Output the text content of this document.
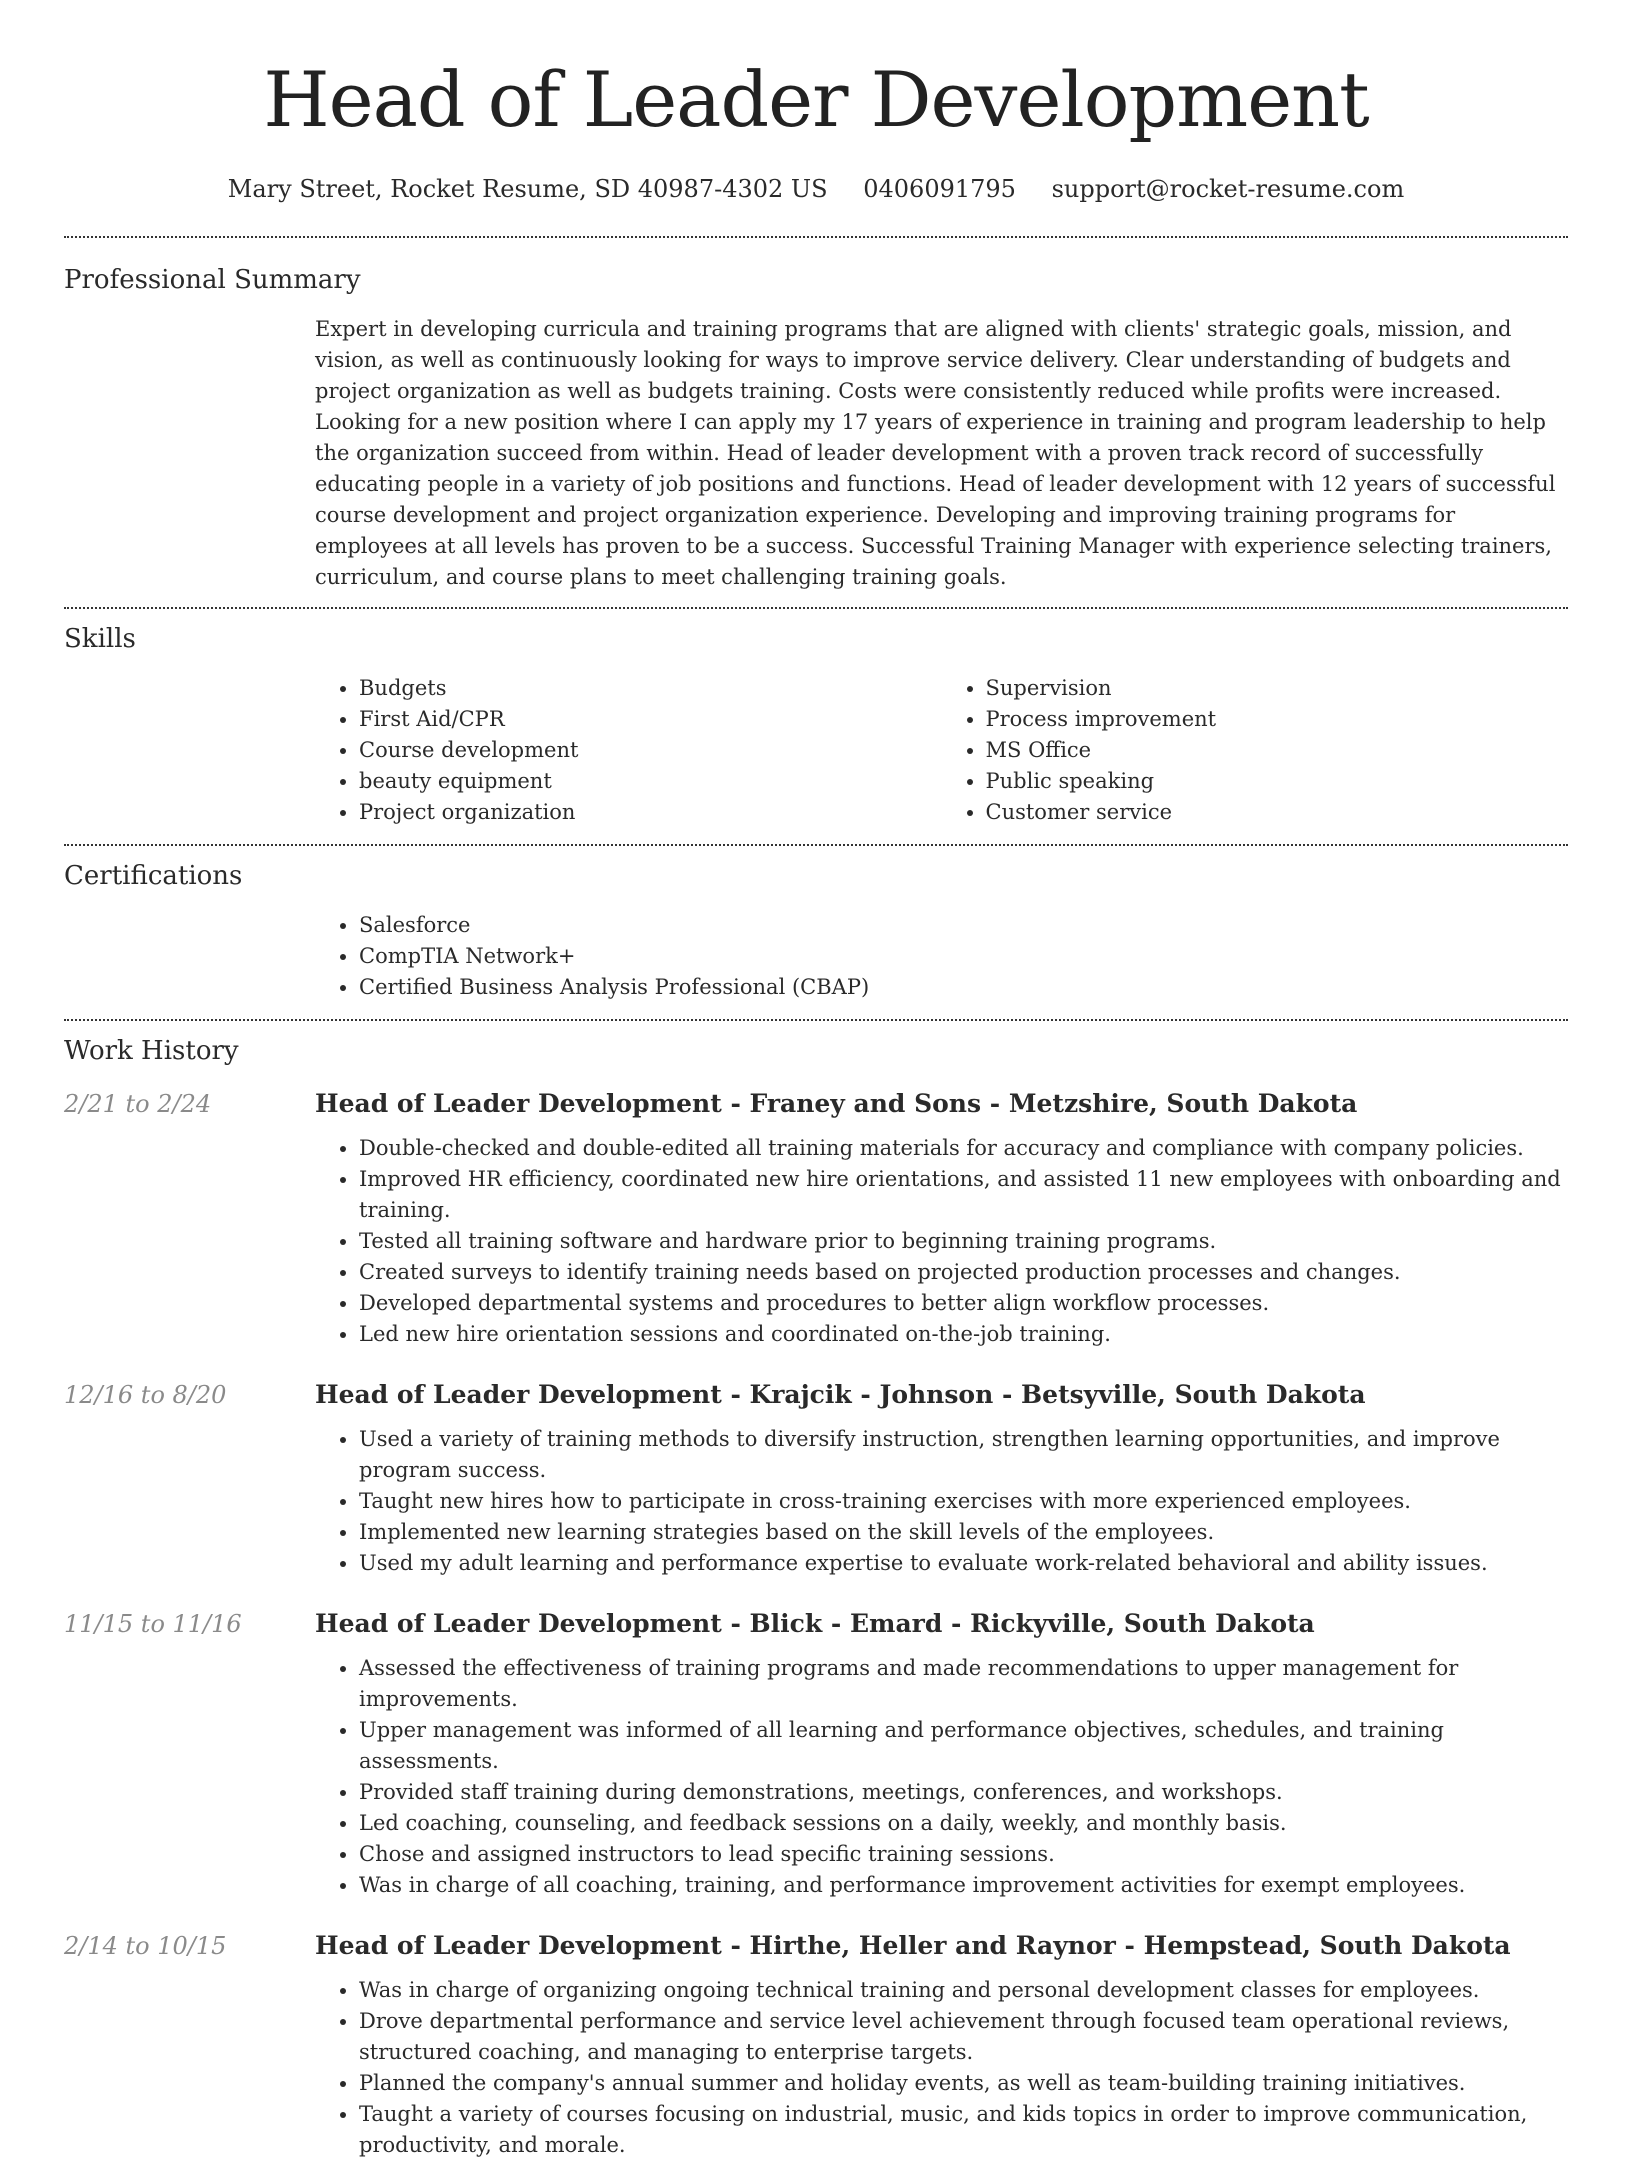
Head of Leader Development
Mary Street, Rocket Resume, SD 40987-4302 US 0406091795 support@rocket-resume.com
Professional Summary

Expert in developing curricula and training programs that are aligned with clients' strategic goals, mission, and vision, as well as continuously looking for ways to improve service delivery. Clear understanding of budgets and project organization as well as budgets training. Costs were consistently reduced while profits were increased. Looking for a new position where I can apply my 17 years of experience in training and program leadership to help the organization succeed from within. Head of leader development with a proven track record of successfully educating people in a variety of job positions and functions. Head of leader development with 12 years of successful course development and project organization experience. Developing and improving training programs for employees at all levels has proven to be a success. Successful Training Manager with experience selecting trainers, curriculum, and course plans to meet challenging training goals.

Skills
• Budgets
• First Aid/CPR
• Course development
• beauty equipment
• Project organization
• Supervision
• Process improvement
• MS Office
• Public speaking
• Customer service
Certifications
• Salesforce
• CompTIA Network+
• Certified Business Analysis Professional (CBAP)
Work History
2/21 to 2/24	Head of Leader Development - Franey and Sons - Metzshire, South Dakota
• Double-checked and double-edited all training materials for accuracy and compliance with company policies.
• Improved HR efficiency, coordinated new hire orientations, and assisted 11 new employees with onboarding and training.
• Tested all training software and hardware prior to beginning training programs.
• Created surveys to identify training needs based on projected production processes and changes.
• Developed departmental systems and procedures to better align workflow processes.
• Led new hire orientation sessions and coordinated on-the-job training.
12/16 to 8/20	Head of Leader Development - Krajcik - Johnson - Betsyville, South Dakota
• Used a variety of training methods to diversify instruction, strengthen learning opportunities, and improve program success.
• Taught new hires how to participate in cross-training exercises with more experienced employees.
• Implemented new learning strategies based on the skill levels of the employees.
• Used my adult learning and performance expertise to evaluate work-related behavioral and ability issues.
11/15 to 11/16	Head of Leader Development - Blick - Emard - Rickyville, South Dakota
• Assessed the effectiveness of training programs and made recommendations to upper management for improvements.
• Upper management was informed of all learning and performance objectives, schedules, and training assessments.
• Provided staff training during demonstrations, meetings, conferences, and workshops.
• Led coaching, counseling, and feedback sessions on a daily, weekly, and monthly basis.
• Chose and assigned instructors to lead specific training sessions.
• Was in charge of all coaching, training, and performance improvement activities for exempt employees.
2/14 to 10/15	Head of Leader Development - Hirthe, Heller and Raynor - Hempstead, South Dakota
• Was in charge of organizing ongoing technical training and personal development classes for employees.
• Drove departmental performance and service level achievement through focused team operational reviews, structured coaching, and managing to enterprise targets.
• Planned the company's annual summer and holiday events, as well as team-building training initiatives.
• Taught a variety of courses focusing on industrial, music, and kids topics in order to improve communication, productivity, and morale.
